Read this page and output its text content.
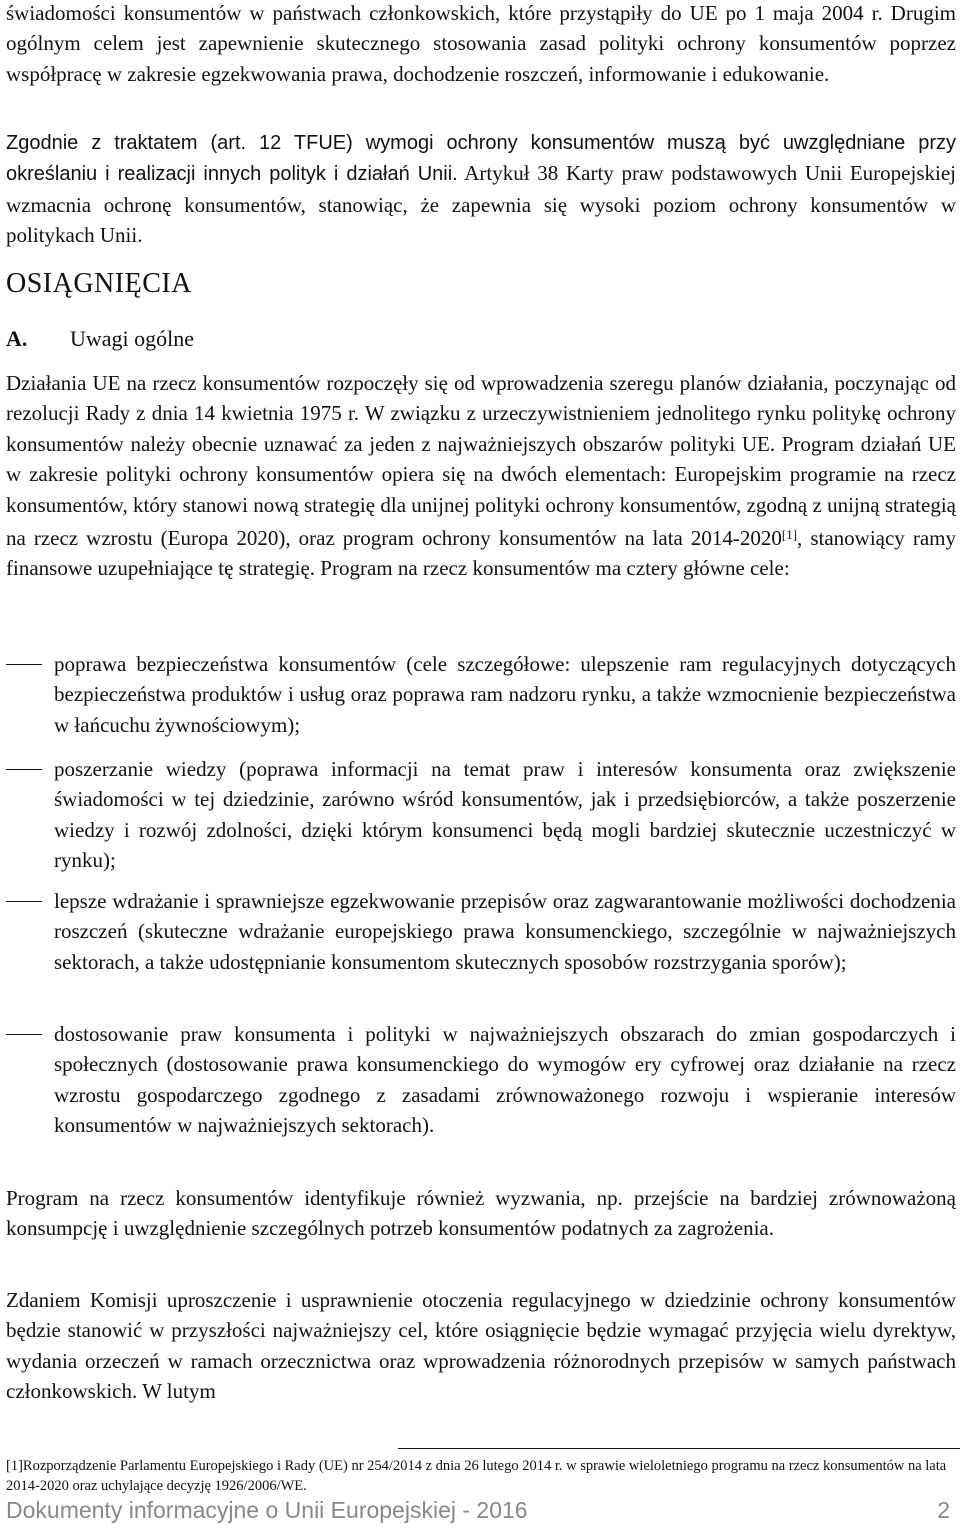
świadomości konsumentów w państwach członkowskich, które przystąpiły do UE po 1 maja 2004 r. Drugim ogólnym celem jest zapewnienie skutecznego stosowania zasad polityki ochrony konsumentów poprzez współpracę w zakresie egzekwowania prawa, dochodzenie roszczeń, informowanie i edukowanie.

Zgodnie z traktatem (art. 12 TFUE) wymogi ochrony konsumentów muszą być uwzględniane przy określaniu i realizacji innych polityk i działań Unii. Artykuł 38 Karty praw podstawowych Unii Europejskiej wzmacnia ochronę konsumentów, stanowiąc, że zapewnia się wysoki poziom ochrony konsumentów w politykach Unii.

OSIĄGNIĘCIA

A. Uwagi ogólne

Działania UE na rzecz konsumentów rozpoczęły się od wprowadzenia szeregu planów działania, poczynając od rezolucji Rady z dnia 14 kwietnia 1975 r. W związku z urzeczywistnieniem jednolitego rynku politykę ochrony konsumentów należy obecnie uznawać za jeden z najważniejszych obszarów polityki UE. Program działań UE w zakresie polityki ochrony konsumentów opiera się na dwóch elementach: Europejskim programie na rzecz konsumentów, który stanowi nową strategię dla unijnej polityki ochrony konsumentów, zgodną z unijną strategią na rzecz wzrostu (Europa 2020), oraz program ochrony konsumentów na lata 2014-2020[1], stanowiący ramy finansowe uzupełniające tę strategię. Program na rzecz konsumentów ma cztery główne cele:

poprawa bezpieczeństwa konsumentów (cele szczegółowe: ulepszenie ram regulacyjnych dotyczących bezpieczeństwa produktów i usług oraz poprawa ram nadzoru rynku, a także wzmocnienie bezpieczeństwa w łańcuchu żywnościowym);

poszerzanie wiedzy (poprawa informacji na temat praw i interesów konsumenta oraz zwiększenie świadomości w tej dziedzinie, zarówno wśród konsumentów, jak i przedsiębiorców, a także poszerzenie wiedzy i rozwój zdolności, dzięki którym konsumenci będą mogli bardziej skutecznie uczestniczyć w rynku);

lepsze wdrażanie i sprawniejsze egzekwowanie przepisów oraz zagwarantowanie możliwości dochodzenia roszczeń (skuteczne wdrażanie europejskiego prawa konsumenckiego, szczególnie w najważniejszych sektorach, a także udostępnianie konsumentom skutecznych sposobów rozstrzygania sporów);

dostosowanie praw konsumenta i polityki w najważniejszych obszarach do zmian gospodarczych i społecznych (dostosowanie prawa konsumenckiego do wymogów ery cyfrowej oraz działanie na rzecz wzrostu gospodarczego zgodnego z zasadami zrównoważonego rozwoju i wspieranie interesów konsumentów w najważniejszych sektorach).

Program na rzecz konsumentów identyfikuje również wyzwania, np. przejście na bardziej zrównoważoną konsumpcję i uwzględnienie szczególnych potrzeb konsumentów podatnych za zagrożenia.

Zdaniem Komisji uproszczenie i usprawnienie otoczenia regulacyjnego w dziedzinie ochrony konsumentów będzie stanowić w przyszłości najważniejszy cel, które osiągnięcie będzie wymagać przyjęcia wielu dyrektyw, wydania orzeczeń w ramach orzecznictwa oraz wprowadzenia różnorodnych przepisów w samych państwach członkowskich. W lutym

[1]Rozporządzenie Parlamentu Europejskiego i Rady (UE) nr 254/2014 z dnia 26 lutego 2014 r. w sprawie wieloletniego programu na rzecz konsumentów na lata 2014-2020 oraz uchylające decyzję 1926/2006/WE.

Dokumenty informacyjne o Unii Europejskiej - 2016	2
